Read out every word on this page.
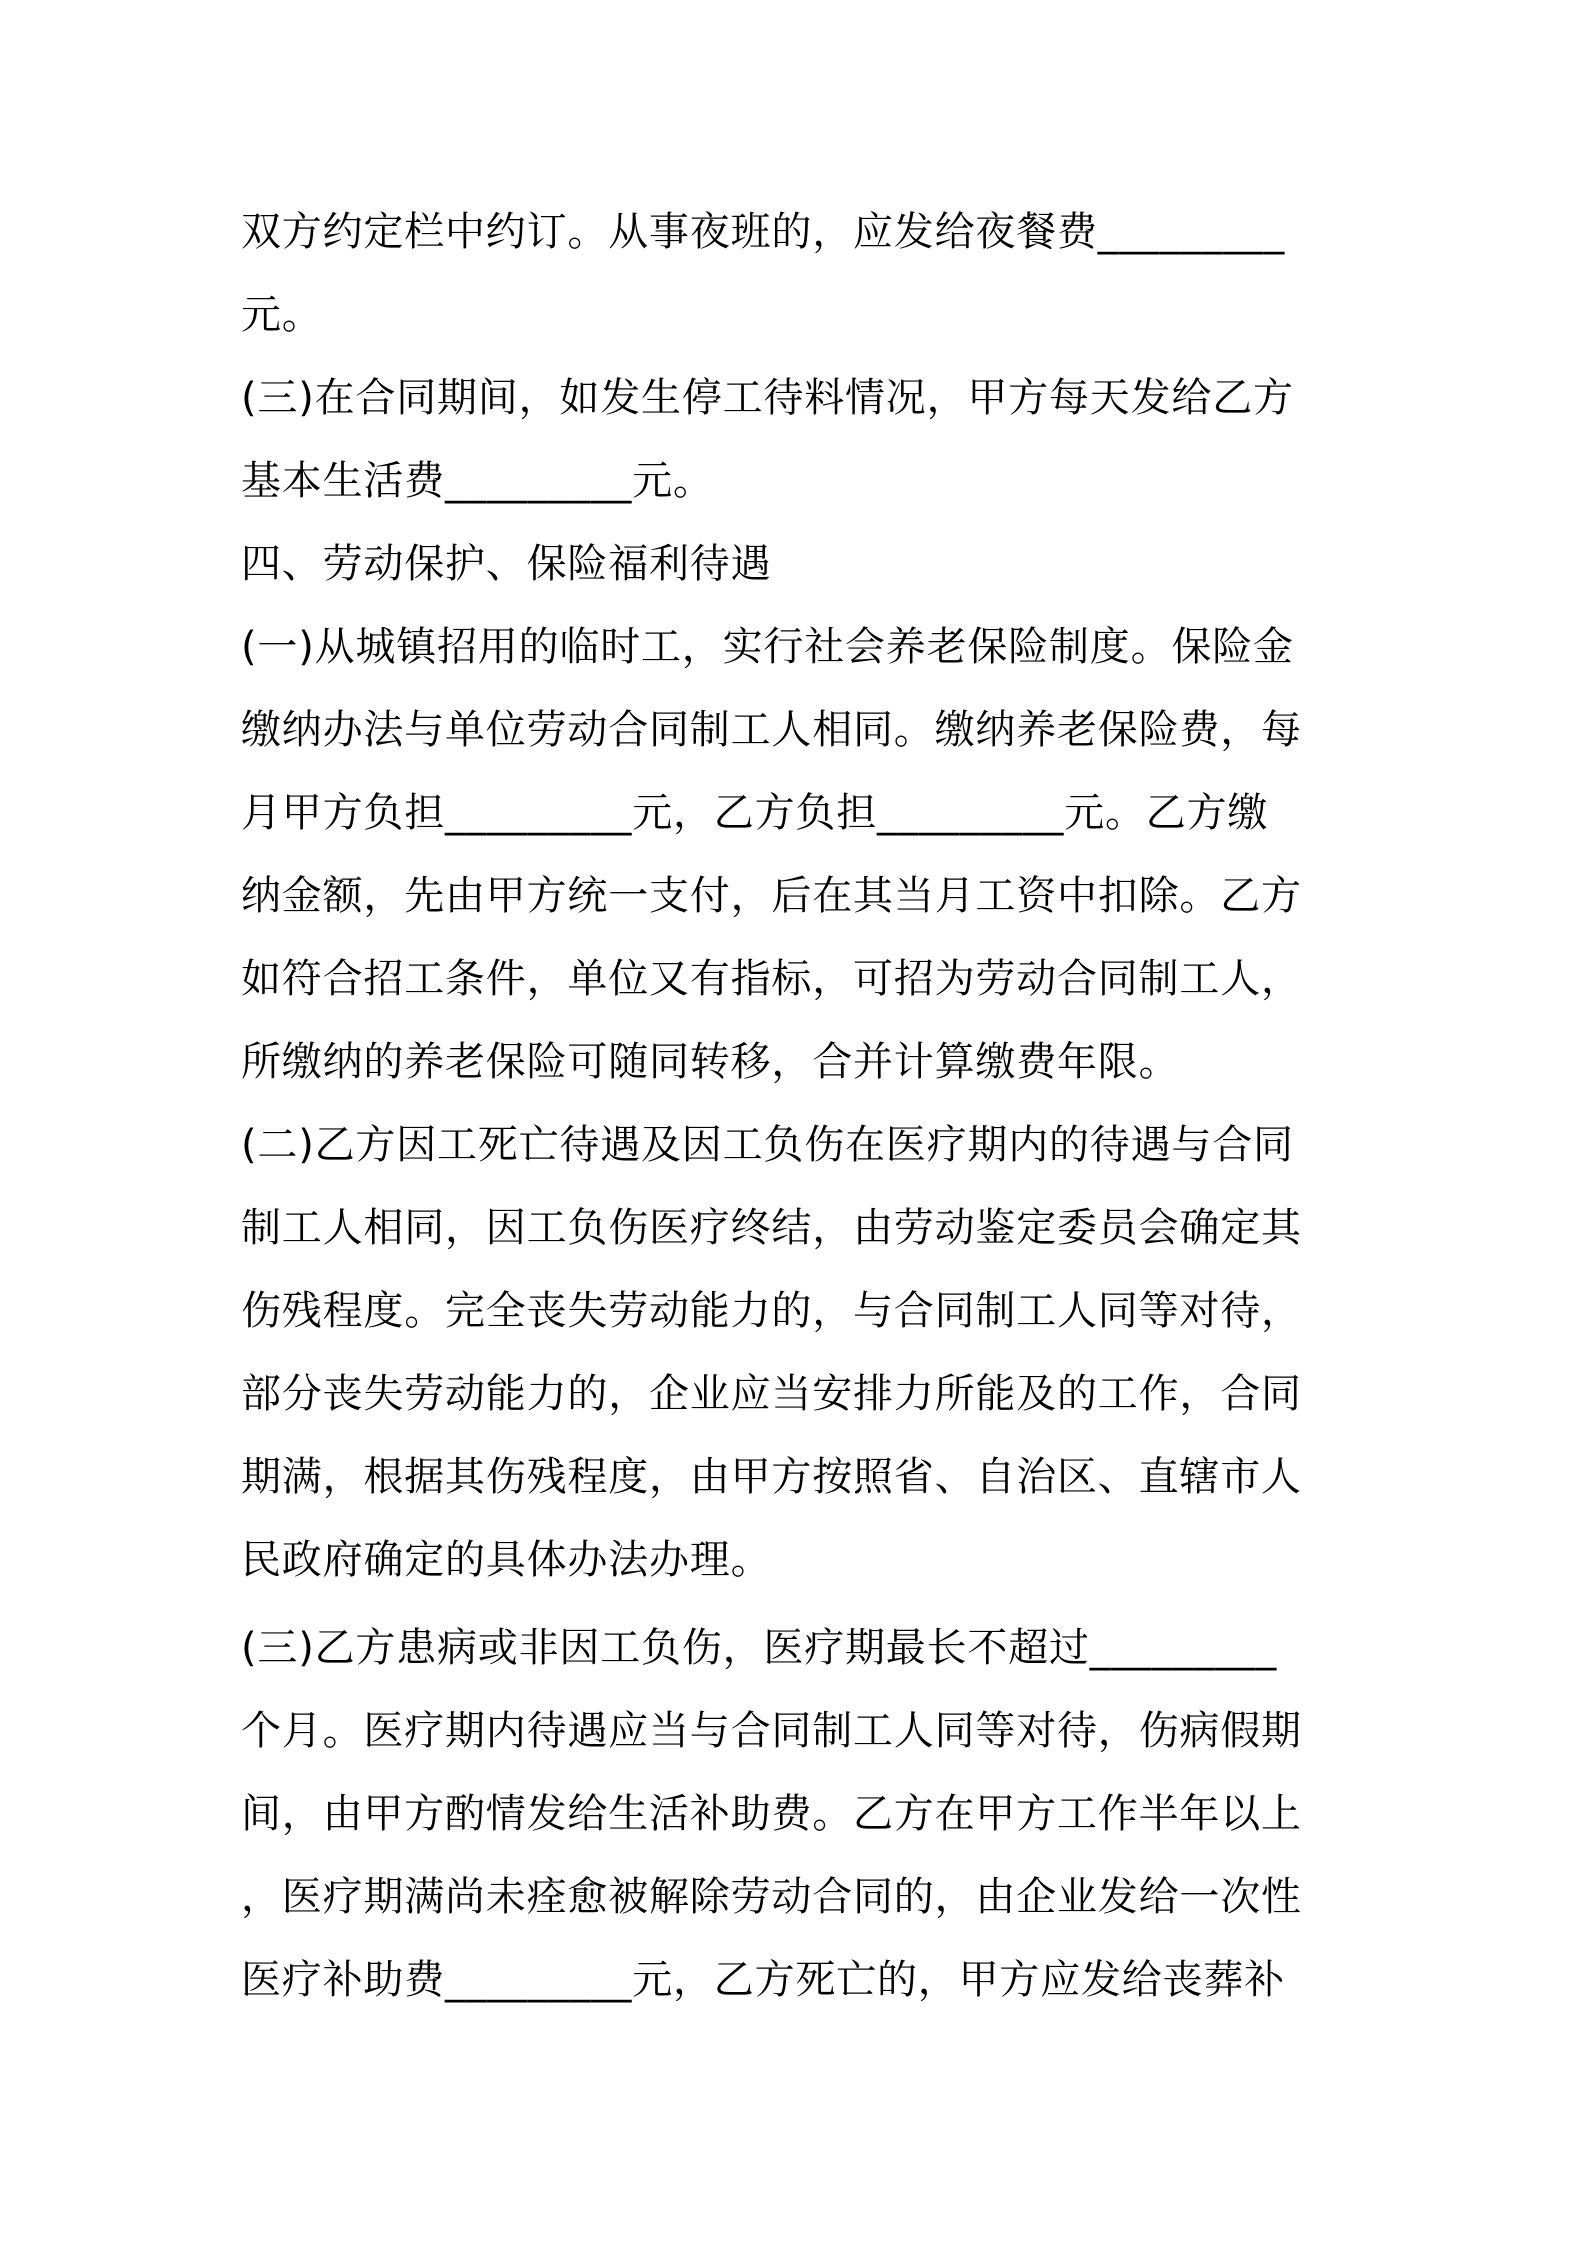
双方约定栏中约订。从事夜班的，应发给夜餐费_________
元。
(三)在合同期间，如发生停工待料情况，甲方每天发给乙方
基本生活费_________元。
四、劳动保护、保险福利待遇
(一)从城镇招用的临时工，实行社会养老保险制度。保险金
缴纳办法与单位劳动合同制工人相同。缴纳养老保险费，每
月甲方负担_________元，乙方负担_________元。乙方缴
纳金额，先由甲方统一支付，后在其当月工资中扣除。乙方
如符合招工条件，单位又有指标，可招为劳动合同制工人，
所缴纳的养老保险可随同转移，合并计算缴费年限。
(二)乙方因工死亡待遇及因工负伤在医疗期内的待遇与合同
制工人相同，因工负伤医疗终结，由劳动鉴定委员会确定其
伤残程度。完全丧失劳动能力的，与合同制工人同等对待，
部分丧失劳动能力的，企业应当安排力所能及的工作，合同
期满，根据其伤残程度，由甲方按照省、自治区、直辖市人
民政府确定的具体办法办理。
(三)乙方患病或非因工负伤，医疗期最长不超过_________
个月。医疗期内待遇应当与合同制工人同等对待，伤病假期
间，由甲方酌情发给生活补助费。乙方在甲方工作半年以上
，医疗期满尚未痊愈被解除劳动合同的，由企业发给一次性
医疗补助费_________元，乙方死亡的，甲方应发给丧葬补
